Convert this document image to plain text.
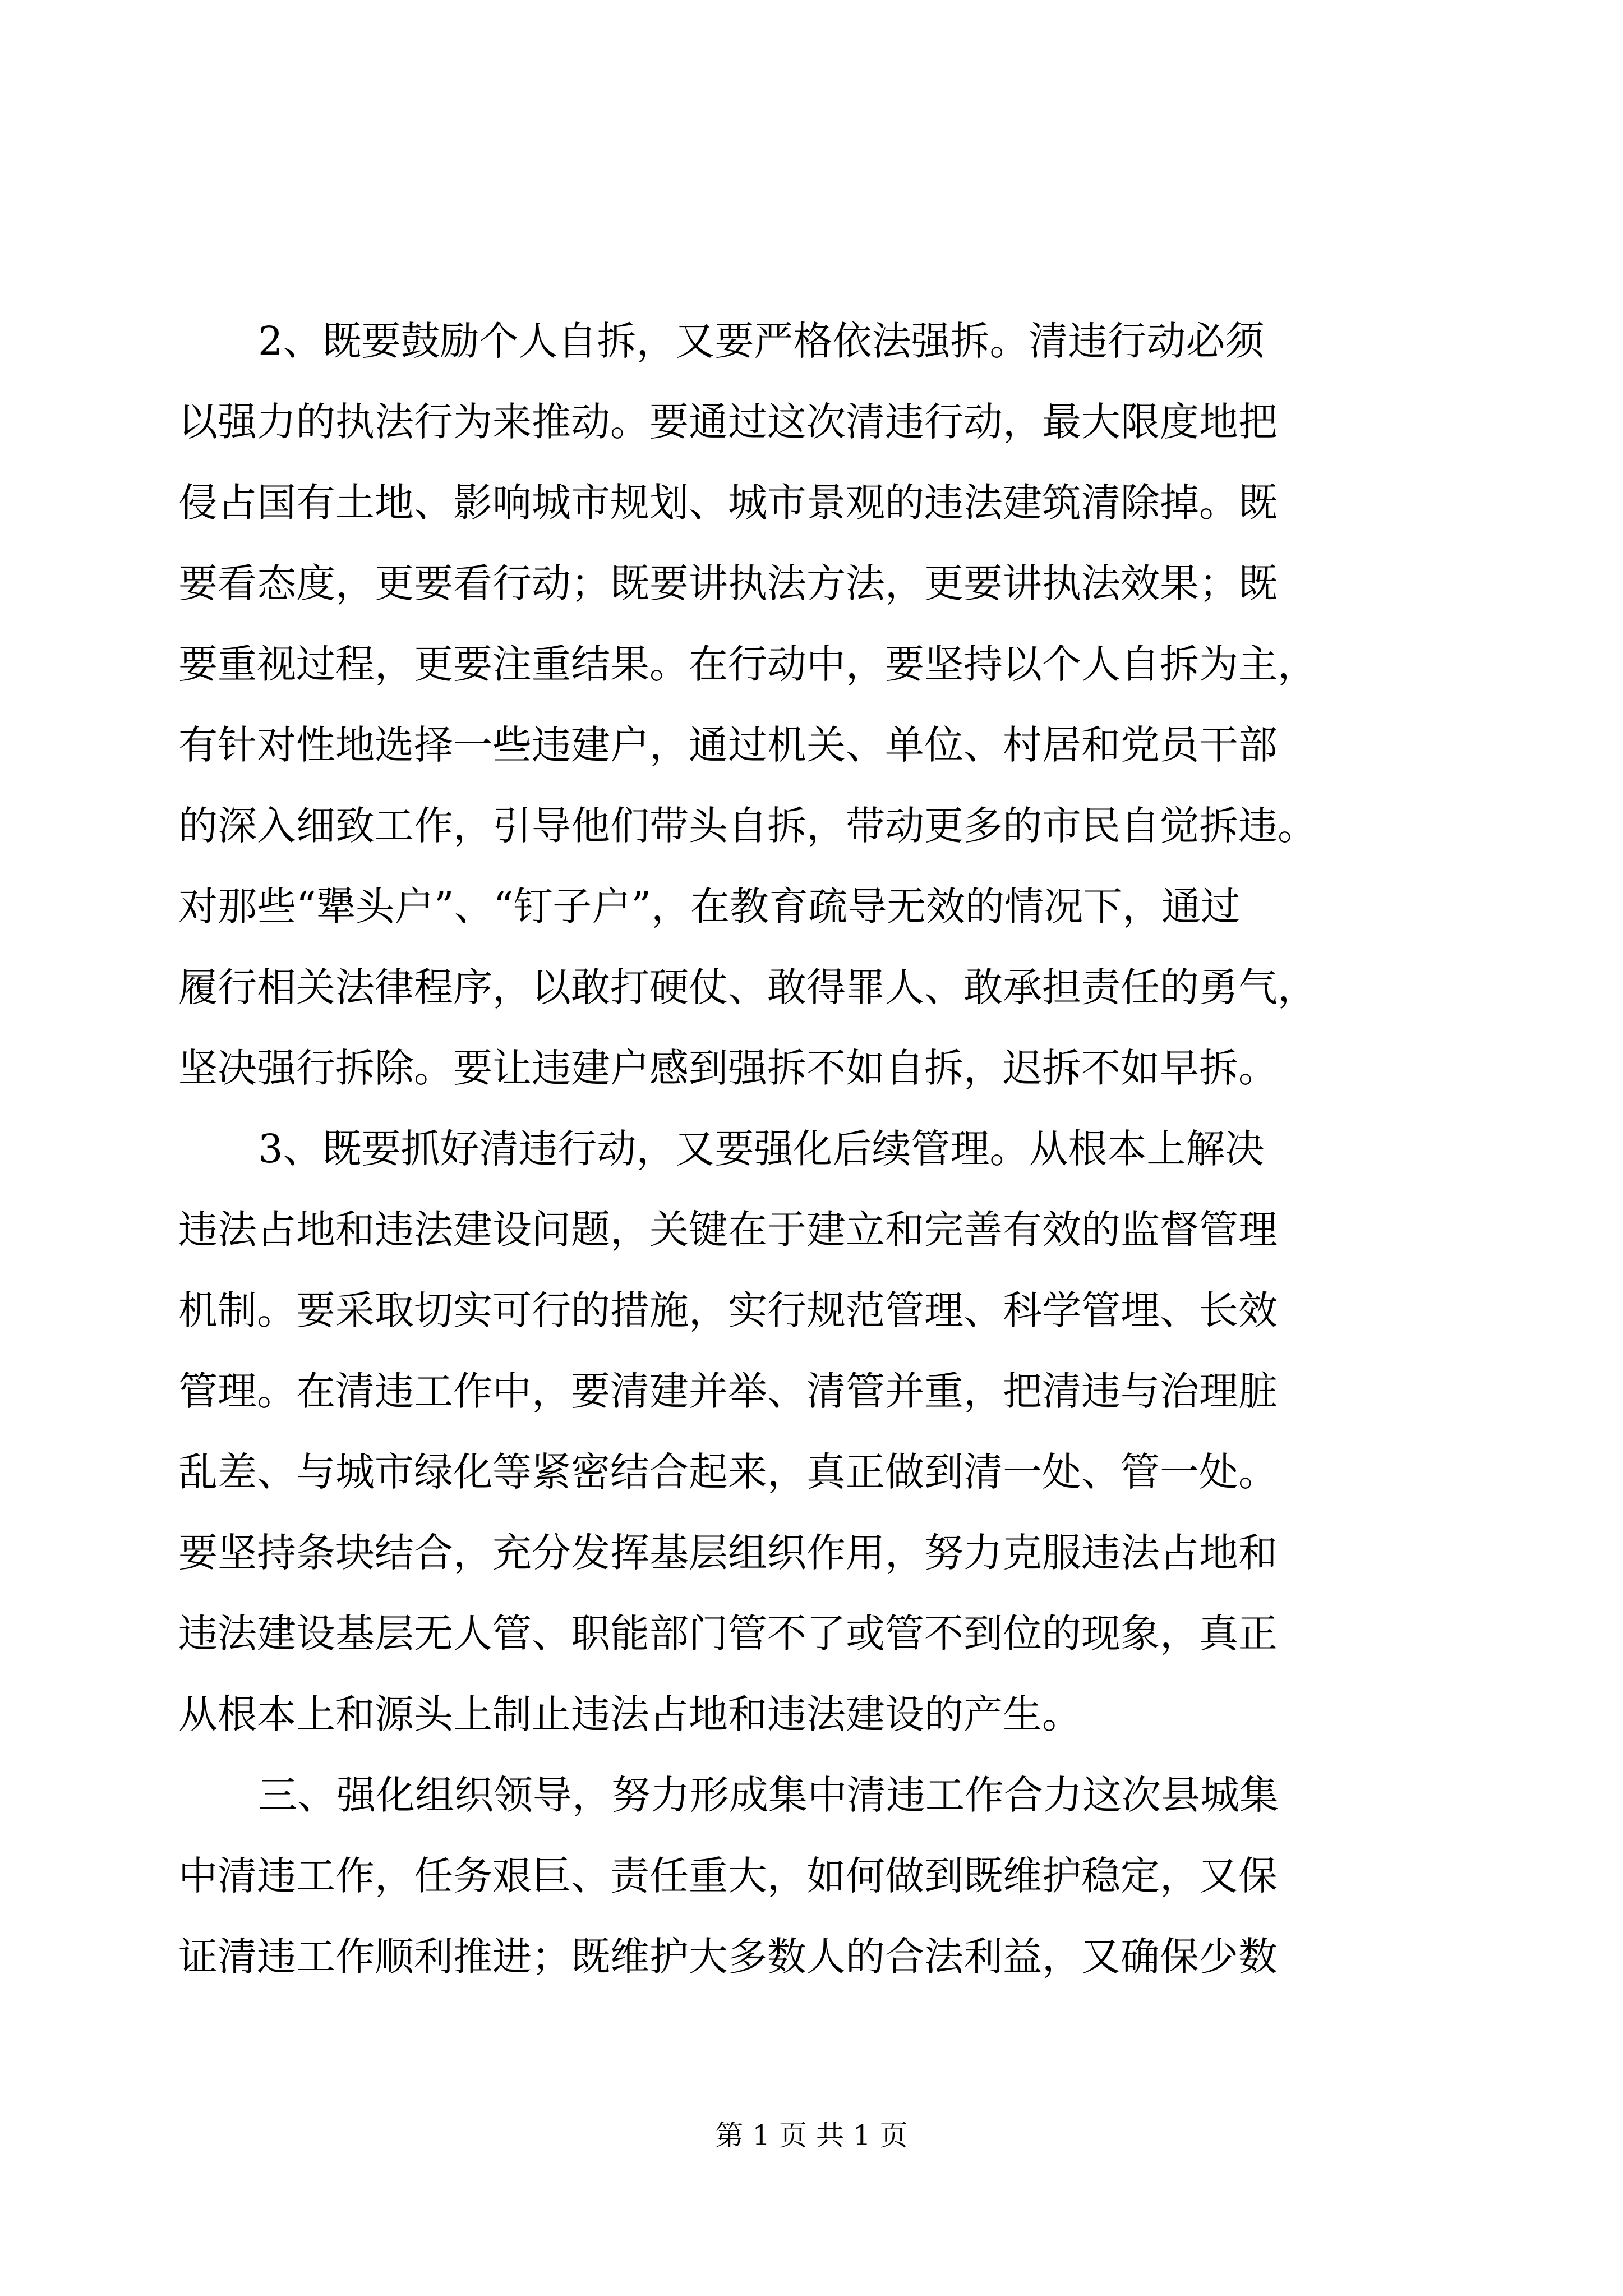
2、既要鼓励个人自拆，又要严格依法强拆。清违行动必须
以强力的执法行为来推动。要通过这次清违行动，最大限度地把
侵占国有土地、影响城市规划、城市景观的违法建筑清除掉。既
要看态度，更要看行动；既要讲执法方法，更要讲执法效果；既
要重视过程，更要注重结果。在行动中，要坚持以个人自拆为主，
有针对性地选择一些违建户，通过机关、单位、村居和党员干部
的深入细致工作，引导他们带头自拆，带动更多的市民自觉拆违。
对那些“犟头户”、“钉子户”，在教育疏导无效的情况下，通过
履行相关法律程序，以敢打硬仗、敢得罪人、敢承担责任的勇气，
坚决强行拆除。要让违建户感到强拆不如自拆，迟拆不如早拆。
3、既要抓好清违行动，又要强化后续管理。从根本上解决
违法占地和违法建设问题，关键在于建立和完善有效的监督管理
机制。要采取切实可行的措施，实行规范管理、科学管埋、长效
管理。在清违工作中，要清建并举、清管并重，把清违与治理脏
乱差、与城市绿化等紧密结合起来，真正做到清一处、管一处。
要坚持条块结合，充分发挥基层组织作用，努力克服违法占地和
违法建设基层无人管、职能部门管不了或管不到位的现象，真正
从根本上和源头上制止违法占地和违法建设的产生。
三、强化组织领导，努力形成集中清违工作合力这次县城集
中清违工作，任务艰巨、责任重大，如何做到既维护稳定，又保
证清违工作顺利推进；既维护大多数人的合法利益，又确保少数
第 1 页 共 1 页
